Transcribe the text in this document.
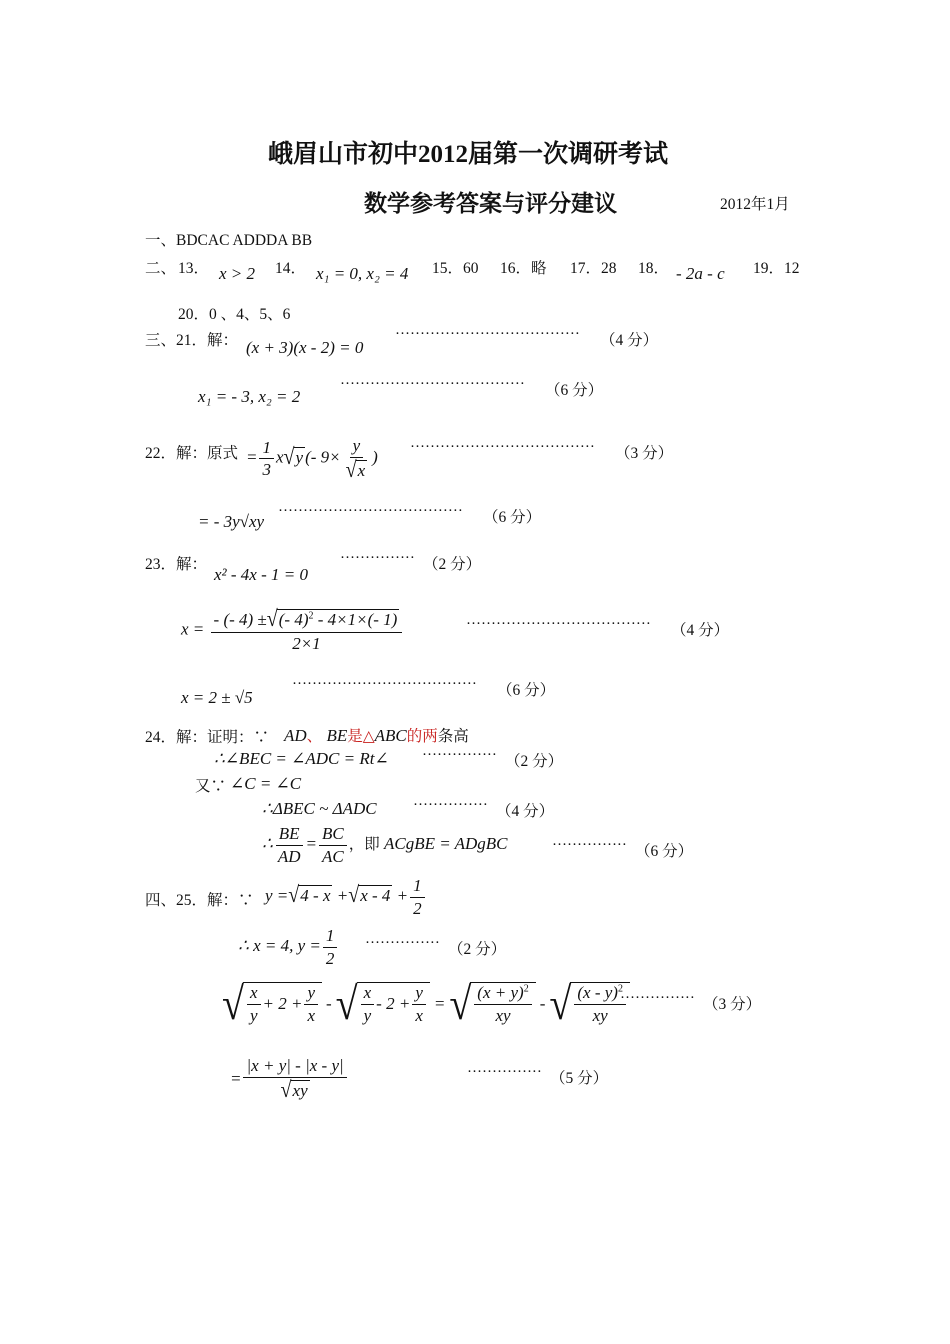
峨眉山市初中2012届第一次调研考试
数学参考答案与评分建议	2012年1月
一、BDCAC ADDDA BB
二、 13． x > 2 14． x₁ = 0, x₂ = 4 15．60 16．略 17．28 18． - 2a - c 19．12
20．0 、4、5、6
三、21．解： (x + 3)(x - 2) = 0
····································· （4 分）
x₁ = - 3, x₂ = 2
····································· （6 分）
22．解：原式 = $\frac{1}{3} x√y$ (- $9\times \frac{y}{√x}$ )
····································· （3 分）
= - 3y√xy
····································· （6 分）
23．解：
x² - 4x - 1 = 0
··············· （2 分）
$x = \frac{- (- 4) \pm√(- 4)^2 - 4\times 1\times(- 1)}{2\times 1}$	····································· （4 分）
x = 2 ± √5
····································· （6 分）
24．解：证明：∵ AD、 BE是△ABC的两条高
∴∠BEC = ∠ADC = Rt∠ ··············· （2 分）
又∵ ∠C = ∠C
∴ΔBEC ~ ΔADC ··············· （4 分）
∴ $\frac{BE}{AD} = \frac{BC}{AC}$ ，即 ACgBE = ADgBC	··············· （6 分）
四、25．解：∵ $y =√4 - x +√x - 4 + \frac{1}{2}$
∴ x = 4, $y = \frac{1}{2}$ ··············· （2 分）
√ $\frac{x}{y} + 2 + \frac{y}{x}$ - √ $\frac{x}{y} - 2 + \frac{y}{x}$ = √ $\frac{(x + y)^2}{xy}$ - √ $\frac{(x - y)^2}{xy}$
··············· （3 分）
= $\frac{|x + y| - |x - y|}{√xy}$	··············· （5 分）
